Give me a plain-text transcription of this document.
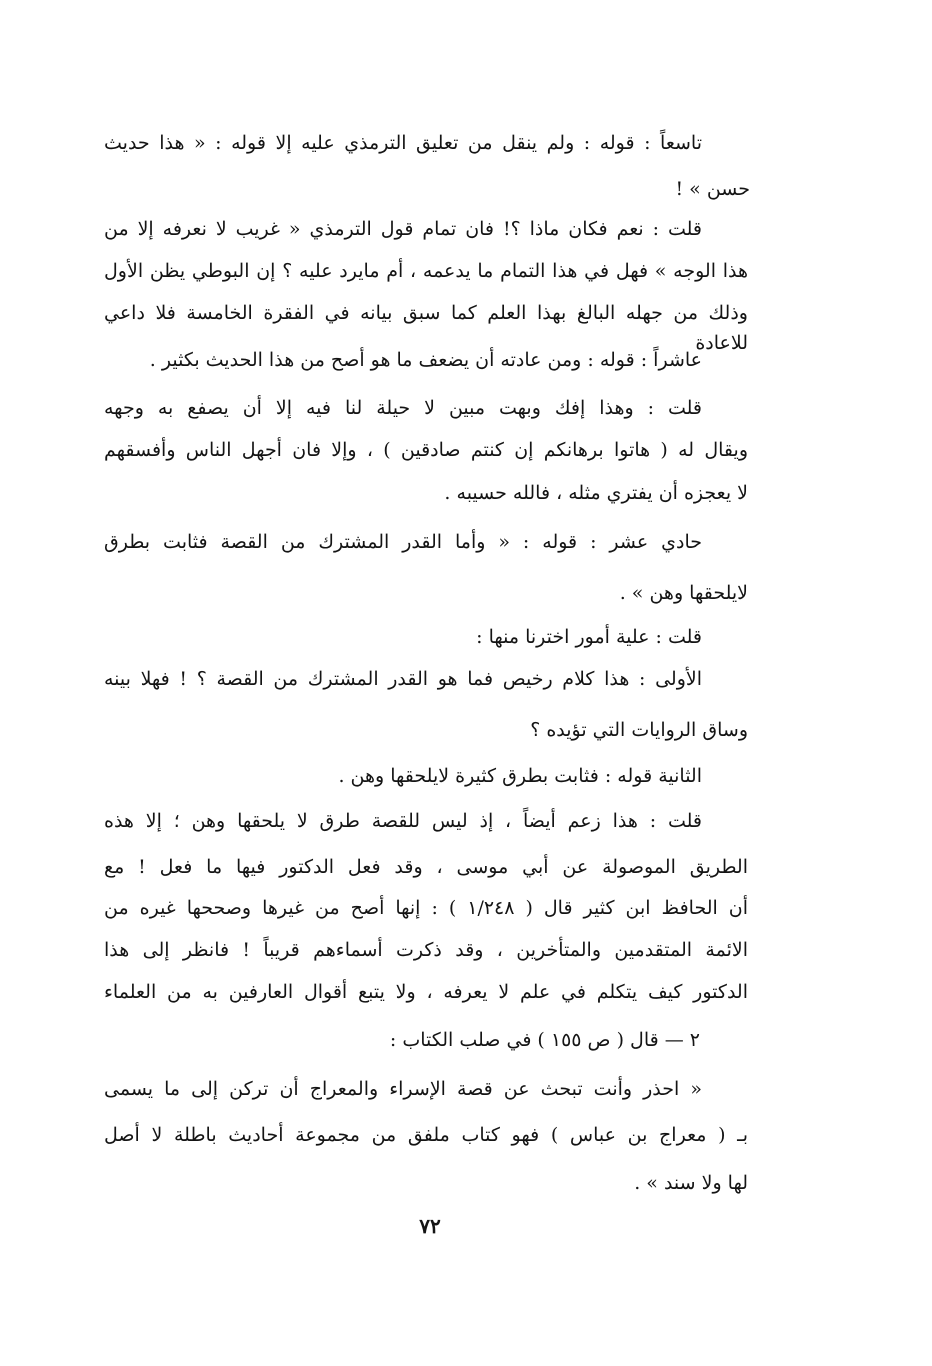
تاسعاً : قوله : ولم ينقل من تعليق الترمذي عليه إلا قوله : « هذا حديث
حسن » !
قلت : نعم فكان ماذا ؟! فان تمام قول الترمذي « غريب لا نعرفه إلا من
هذا الوجه » فهل في هذا التمام ما يدعمه ، أم مايرد عليه ؟ إن البوطي يظن الأول
وذلك من جهله البالغ بهذا العلم كما سبق بيانه في الفقرة الخامسة فلا داعي للاعادة
عاشراً : قوله : ومن عادته أن يضعف ما هو أصح من هذا الحديث بكثير .
قلت : وهذا إفك وبهت مبين لا حيلة لنا فيه إلا أن يصفع به وجهه
ويقال له ( هاتوا برهانكم إن كنتم صادقين ) ، وإلا فان أجهل الناس وأفسقهم
لا يعجزه أن يفتري مثله ، فالله حسيبه .
حادي عشر : قوله : « وأما القدر المشترك من القصة فثابت بطرق
لايلحقها وهن » .
قلت : علية أمور اخترنا منها :
الأولى : هذا كلام رخيص فما هو القدر المشترك من القصة ؟ ! فهلا بينه
وساق الروايات التي تؤيده ؟
الثانية قوله : فثابت بطرق كثيرة لايلحقها وهن .
قلت : هذا زعم أيضاً ، إذ ليس للقصة طرق لا يلحقها وهن ؛ إلا هذه
الطريق الموصولة عن أبي موسى ، وقد فعل الدكتور فيها ما فعل ! مع
أن الحافظ ابن كثير قال ( ١/٢٤٨ ) : إنها أصح من غيرها وصححها غيره من
الائمة المتقدمين والمتأخرين ، وقد ذكرت أسماءهم قريباً ! فانظر إلى هذا
الدكتور كيف يتكلم في علم لا يعرفه ، ولا يتبع أقوال العارفين به من العلماء
٢ — قال ( ص ١٥٥ ) في صلب الكتاب :
« احذر وأنت تبحث عن قصة الإسراء والمعراج أن تركن إلى ما يسمى
بـ ( معراج بن عباس ) فهو كتاب ملفق من مجموعة أحاديث باطلة لا أصل
لها ولا سند » .
٧٢
